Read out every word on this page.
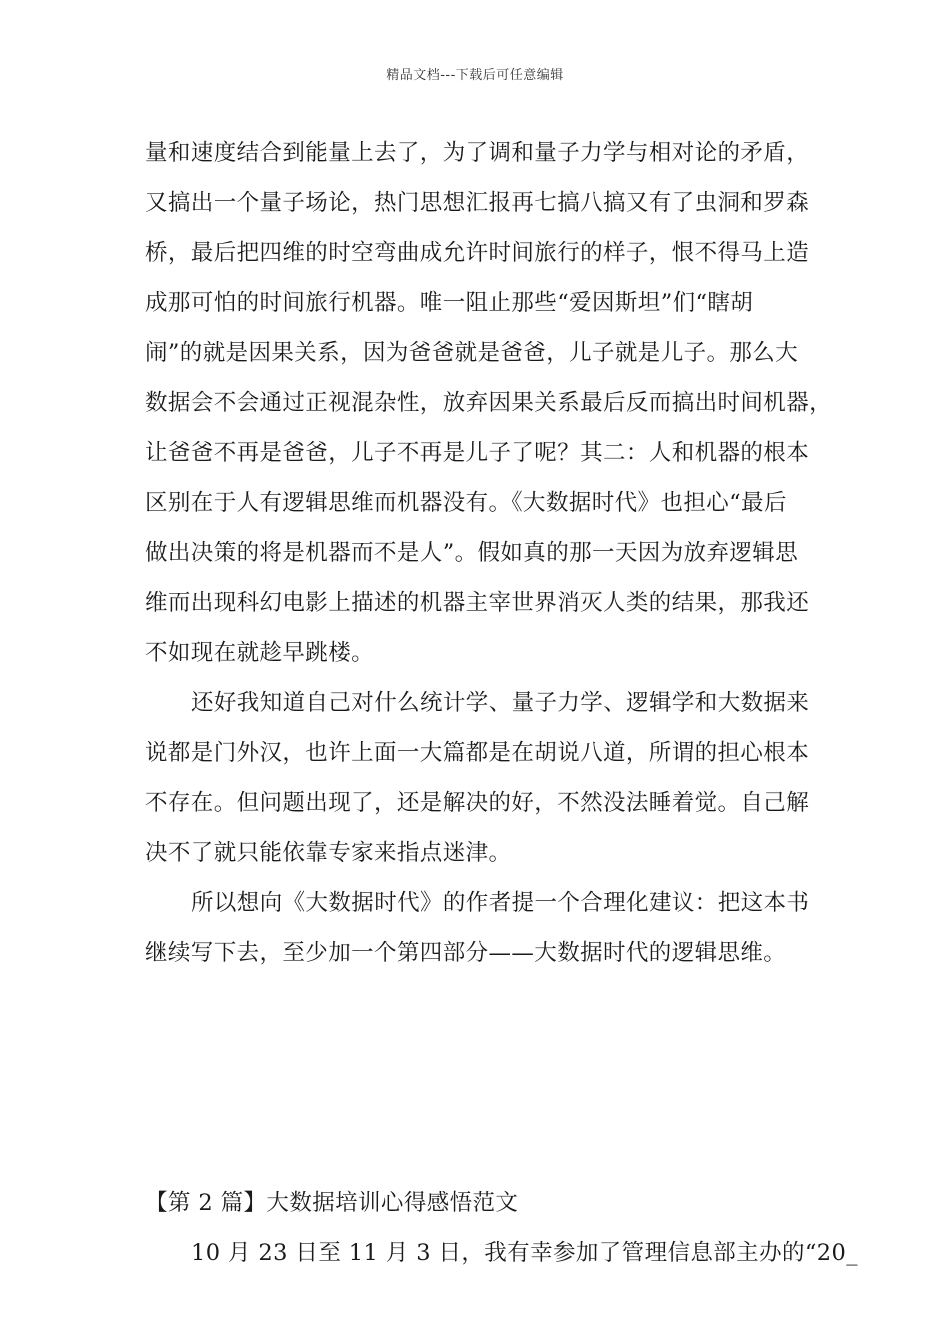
精品文档---下载后可任意编辑
量和速度结合到能量上去了，为了调和量子力学与相对论的矛盾，
又搞出一个量子场论，热门思想汇报再七搞八搞又有了虫洞和罗森
桥，最后把四维的时空弯曲成允许时间旅行的样子，恨不得马上造
成那可怕的时间旅行机器。唯一阻止那些“爱因斯坦”们“瞎胡
闹”的就是因果关系，因为爸爸就是爸爸，儿子就是儿子。那么大
数据会不会通过正视混杂性，放弃因果关系最后反而搞出时间机器，
让爸爸不再是爸爸，儿子不再是儿子了呢？其二：人和机器的根本
区别在于人有逻辑思维而机器没有。《大数据时代》也担心“最后
做出决策的将是机器而不是人”。假如真的那一天因为放弃逻辑思
维而出现科幻电影上描述的机器主宰世界消灭人类的结果，那我还
不如现在就趁早跳楼。
还好我知道自己对什么统计学、量子力学、逻辑学和大数据来
说都是门外汉，也许上面一大篇都是在胡说八道，所谓的担心根本
不存在。但问题出现了，还是解决的好，不然没法睡着觉。自己解
决不了就只能依靠专家来指点迷津。
所以想向《大数据时代》的作者提一个合理化建议：把这本书
继续写下去，至少加一个第四部分——大数据时代的逻辑思维。
【第 2 篇】大数据培训心得感悟范文
10 月 23 日至 11 月 3 日，我有幸参加了管理信息部主办的“20_
